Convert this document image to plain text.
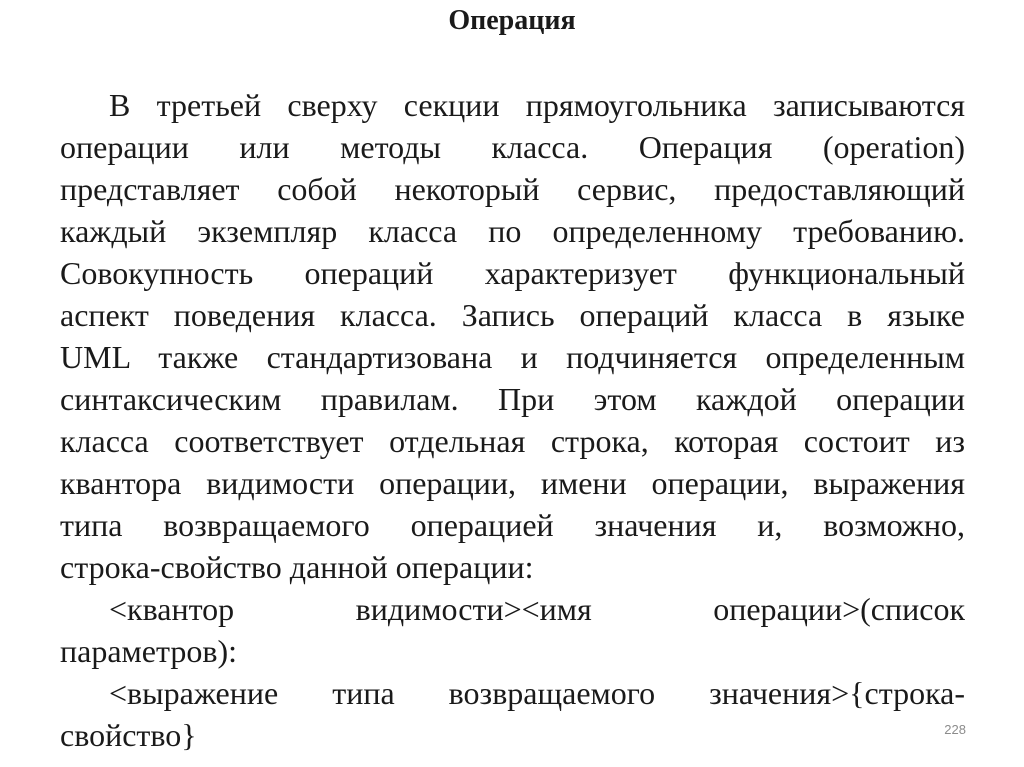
Операция
В третьей сверху секции прямоугольника записываются
операции или методы класса. Операция (operation)
представляет собой некоторый сервис, предоставляющий
каждый экземпляр класса по определенному требованию.
Совокупность операций характеризует функциональный
аспект поведения класса. Запись операций класса в языке
UML также стандартизована и подчиняется определенным
синтаксическим правилам. При этом каждой операции
класса соответствует отдельная строка, которая состоит из
квантора видимости операции, имени операции, выражения
типа возвращаемого операцией значения и, возможно,
строка-свойство данной операции:
<квантор видимости><имя операции>(список
параметров):
<выражение типа возвращаемого значения>{строка-
свойство}	228
